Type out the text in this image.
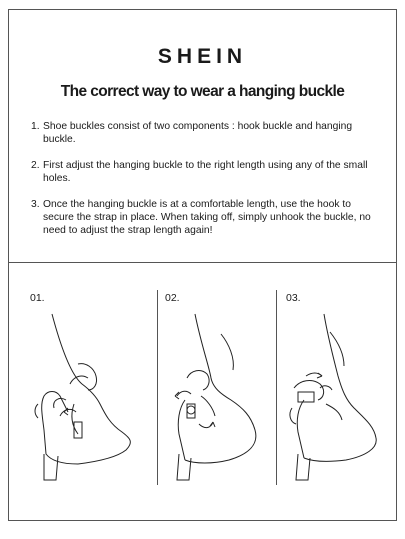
SHEIN
The correct way to wear a hanging buckle
1. Shoe buckles consist of two components : hook buckle and hanging buckle.
2. First adjust the hanging buckle to the right length using any of the small holes.
3. Once the hanging buckle is at a comfortable length, use the hook to secure the strap in place. When taking off, simply unhook the buckle, no need to adjust the strap length again!
01.	02.	03.
